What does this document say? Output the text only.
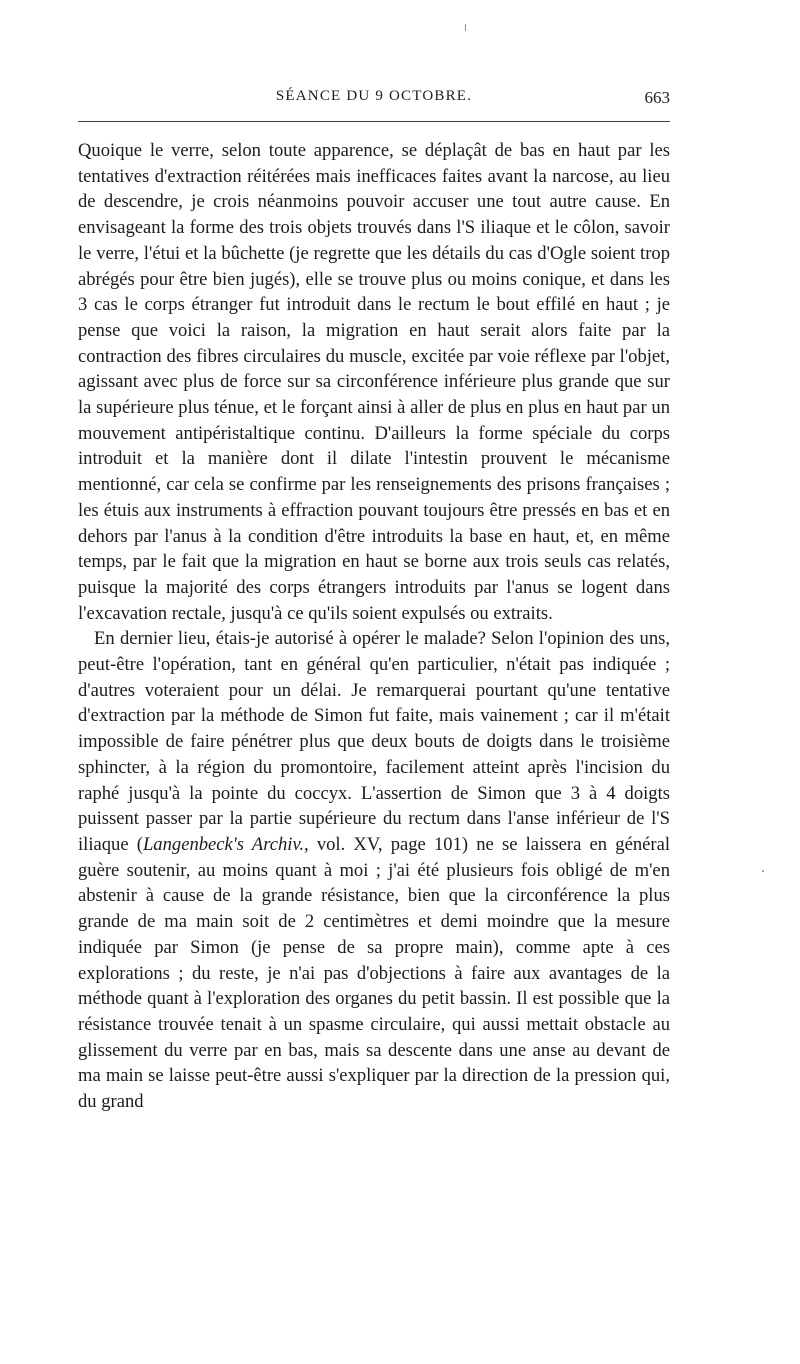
SÉANCE DU 9 OCTOBRE.	663

Quoique le verre, selon toute apparence, se déplaçât de bas en haut par les tentatives d'extraction réitérées mais inefficaces faites avant la narcose, au lieu de descendre, je crois néanmoins pouvoir accuser une tout autre cause. En envisageant la forme des trois objets trouvés dans l'S iliaque et le côlon, savoir le verre, l'étui et la bûchette (je regrette que les détails du cas d'Ogle soient trop abrégés pour être bien jugés), elle se trouve plus ou moins conique, et dans les 3 cas le corps étranger fut introduit dans le rectum le bout effilé en haut ; je pense que voici la raison, la migration en haut serait alors faite par la contraction des fibres circulaires du muscle, excitée par voie réflexe par l'objet, agissant avec plus de force sur sa circonférence inférieure plus grande que sur la supérieure plus ténue, et le forçant ainsi à aller de plus en plus en haut par un mouvement antipéristaltique continu. D'ailleurs la forme spéciale du corps introduit et la manière dont il dilate l'intestin prouvent le mécanisme mentionné, car cela se confirme par les renseignements des prisons françaises ; les étuis aux instruments à effraction pouvant toujours être pressés en bas et en dehors par l'anus à la condition d'être introduits la base en haut, et, en même temps, par le fait que la migration en haut se borne aux trois seuls cas relatés, puisque la majorité des corps étrangers introduits par l'anus se logent dans l'excavation rectale, jusqu'à ce qu'ils soient expulsés ou extraits.

En dernier lieu, étais-je autorisé à opérer le malade? Selon l'opinion des uns, peut-être l'opération, tant en général qu'en particulier, n'était pas indiquée ; d'autres voteraient pour un délai. Je remarquerai pourtant qu'une tentative d'extraction par la méthode de Simon fut faite, mais vainement ; car il m'était impossible de faire pénétrer plus que deux bouts de doigts dans le troisième sphincter, à la région du promontoire, facilement atteint après l'incision du raphé jusqu'à la pointe du coccyx. L'assertion de Simon que 3 à 4 doigts puissent passer par la partie supérieure du rectum dans l'anse inférieur de l'S iliaque (Langenbeck's Archiv., vol. XV, page 101) ne se laissera en général guère soutenir, au moins quant à moi ; j'ai été plusieurs fois obligé de m'en abstenir à cause de la grande résistance, bien que la circonférence la plus grande de ma main soit de 2 centimètres et demi moindre que la mesure indiquée par Simon (je pense de sa propre main), comme apte à ces explorations ; du reste, je n'ai pas d'objections à faire aux avantages de la méthode quant à l'exploration des organes du petit bassin. Il est possible que la résistance trouvée tenait à un spasme circulaire, qui aussi mettait obstacle au glissement du verre par en bas, mais sa descente dans une anse au devant de ma main se laisse peut-être aussi s'expliquer par la direction de la pression qui, du grand
